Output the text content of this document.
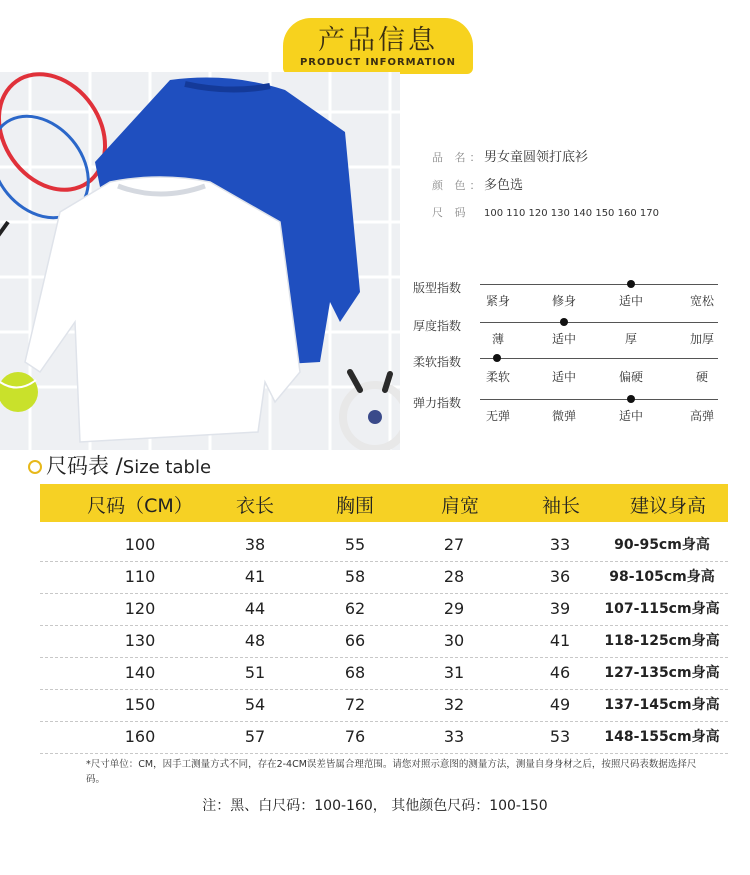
产品信息
PRODUCT INFORMATION
品 名：男女童圆领打底衫
颜 色：多色选
尺 码 100 110 120 130 140 150 160 170
版型指数
紧身	修身	适中	宽松
厚度指数
薄	适中	厚	加厚
柔软指数
柔软	适中	偏硬	硬
弹力指数
无弹	微弹	适中	高弹
尺码表 /Size table
尺码（CM）	衣长	胸围	肩宽	袖长	建议身高
100	38	55	27	33	90-95cm身高
110	41	58	28	36	98-105cm身高
120	44	62	29	39	107-115cm身高
130	48	66	30	41	118-125cm身高
140	51	68	31	46	127-135cm身高
150	54	72	32	49	137-145cm身高
160	57	76	33	53	148-155cm身高
*尺寸单位：CM，因手工测量方式不同，存在2-4CM误差皆属合理范围。请您对照示意图的测量方法，测量自身身材之后，按照尺码表数据选择尺码。
注：黑、白尺码：100-160， 其他颜色尺码：100-150
